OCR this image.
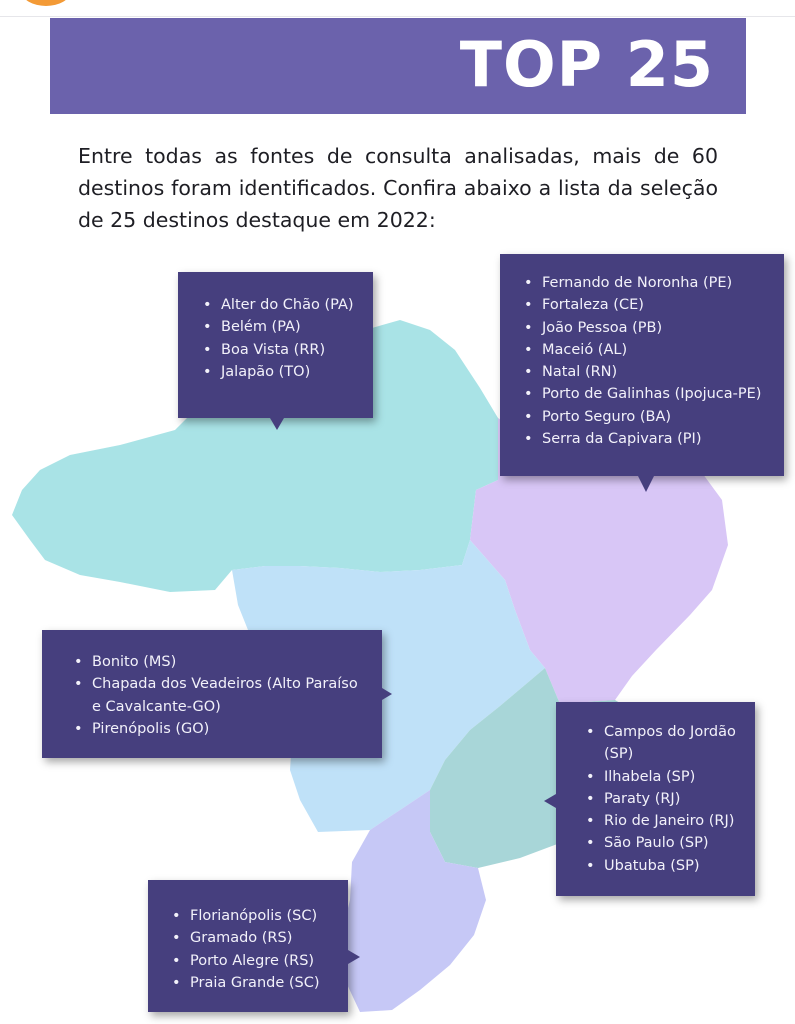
TOP 25
Entre todas as fontes de consulta analisadas, mais de 60
destinos foram identificados. Confira abaixo a lista da seleção
de 25 destinos destaque em 2022:
• Alter do Chão (PA)
• Belém (PA)
• Boa Vista (RR)
• Jalapão (TO)
• Fernando de Noronha (PE)
• Fortaleza (CE)
• João Pessoa (PB)
• Maceió (AL)
• Natal (RN)
• Porto de Galinhas (Ipojuca-PE)
• Porto Seguro (BA)
• Serra da Capivara (PI)
• Bonito (MS)
• Chapada dos Veadeiros (Alto Paraíso e Cavalcante-GO)
• Pirenópolis (GO)
•	Campos do Jordão (SP)
• Ilhabela (SP)
• Paraty (RJ)
• Rio de Janeiro (RJ)
• São Paulo (SP)
• Ubatuba (SP)
• Florianópolis (SC)
• Gramado (RS)
• Porto Alegre (RS)
• Praia Grande (SC)
